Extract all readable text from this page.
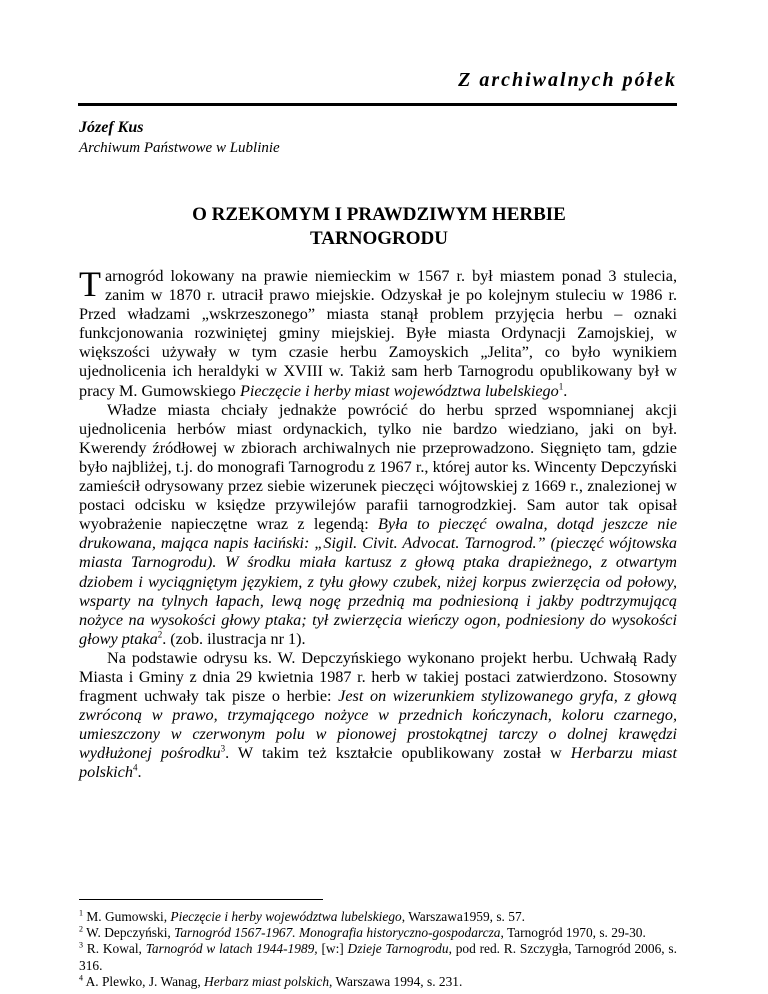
Z archiwalnych półek
Józef Kus
Archiwum Państwowe w Lublinie
O RZEKOMYM I PRAWDZIWYM HERBIE
TARNOGRODU

Tarnogród lokowany na prawie niemieckim w 1567 r. był miastem ponad 3 stulecia, zanim w 1870 r. utracił prawo miejskie. Odzyskał je po kolejnym stuleciu w 1986 r. Przed władzami „wskrzeszonego” miasta stanął problem przyjęcia herbu – oznaki funkcjonowania rozwiniętej gminy miejskiej. Byłe miasta Ordynacji Zamojskiej, w większości używały w tym czasie herbu Zamoyskich „Jelita”, co było wynikiem ujednolicenia ich heraldyki w XVIII w. Takiż sam herb Tarnogrodu opublikowany był w pracy M. Gumowskiego Pieczęcie i herby miast województwa lubelskiego$^1$.

Władze miasta chciały jednakże powrócić do herbu sprzed wspomnianej akcji ujednolicenia herbów miast ordynackich, tylko nie bardzo wiedziano, jaki on był. Kwerendy źródłowej w zbiorach archiwalnych nie przeprowadzono. Sięgnięto tam, gdzie było najbliżej, t.j. do monografi Tarnogrodu z 1967 r., której autor ks. Wincenty Depczyński zamieścił odrysowany przez siebie wizerunek pieczęci wójtowskiej z 1669 r., znalezionej w postaci odcisku w księdze przywilejów parafii tarnogrodzkiej. Sam autor tak opisał wyobrażenie napieczętne wraz z legendą: Była to pieczęć owalna, dotąd jeszcze nie drukowana, mająca napis łaciński: „Sigil. Civit. Advocat. Tarnogrod.” (pieczęć wójtowska miasta Tarnogrodu). W środku miała kartusz z głową ptaka drapieżnego, z otwartym dziobem i wyciągniętym językiem, z tyłu głowy czubek, niżej korpus zwierzęcia od połowy, wsparty na tylnych łapach, lewą nogę przednią ma podniesioną i jakby podtrzymującą nożyce na wysokości głowy ptaka; tył zwierzęcia wieńczy ogon, podniesiony do wysokości głowy ptaka$^2$. (zob. ilustracja nr 1).

Na podstawie odrysu ks. W. Depczyńskiego wykonano projekt herbu. Uchwałą Rady Miasta i Gminy z dnia 29 kwietnia 1987 r. herb w takiej postaci zatwierdzono. Stosowny fragment uchwały tak pisze o herbie: Jest on wizerunkiem stylizowanego gryfa, z głową zwróconą w prawo, trzymającego nożyce w przednich kończynach, koloru czarnego, umieszczony w czerwonym polu w pionowej prostokątnej tarczy o dolnej krawędzi wydłużonej pośrodku$^3$. W takim też kształcie opublikowany został w Herbarzu miast polskich$^4$.

$^1$ M. Gumowski, Pieczęcie i herby województwa lubelskiego, Warszawa1959, s. 57.
$^2$ W. Depczyński, Tarnogród 1567-1967. Monografia historyczno-gospodarcza, Tarnogród 1970, s. 29-30.
$^3$ R. Kowal, Tarnogród w latach 1944-1989, [w:] Dzieje Tarnogrodu, pod red. R. Szczygła, Tarnogród 2006, s. 316.
$^4$ A. Plewko, J. Wanag, Herbarz miast polskich, Warszawa 1994, s. 231.
